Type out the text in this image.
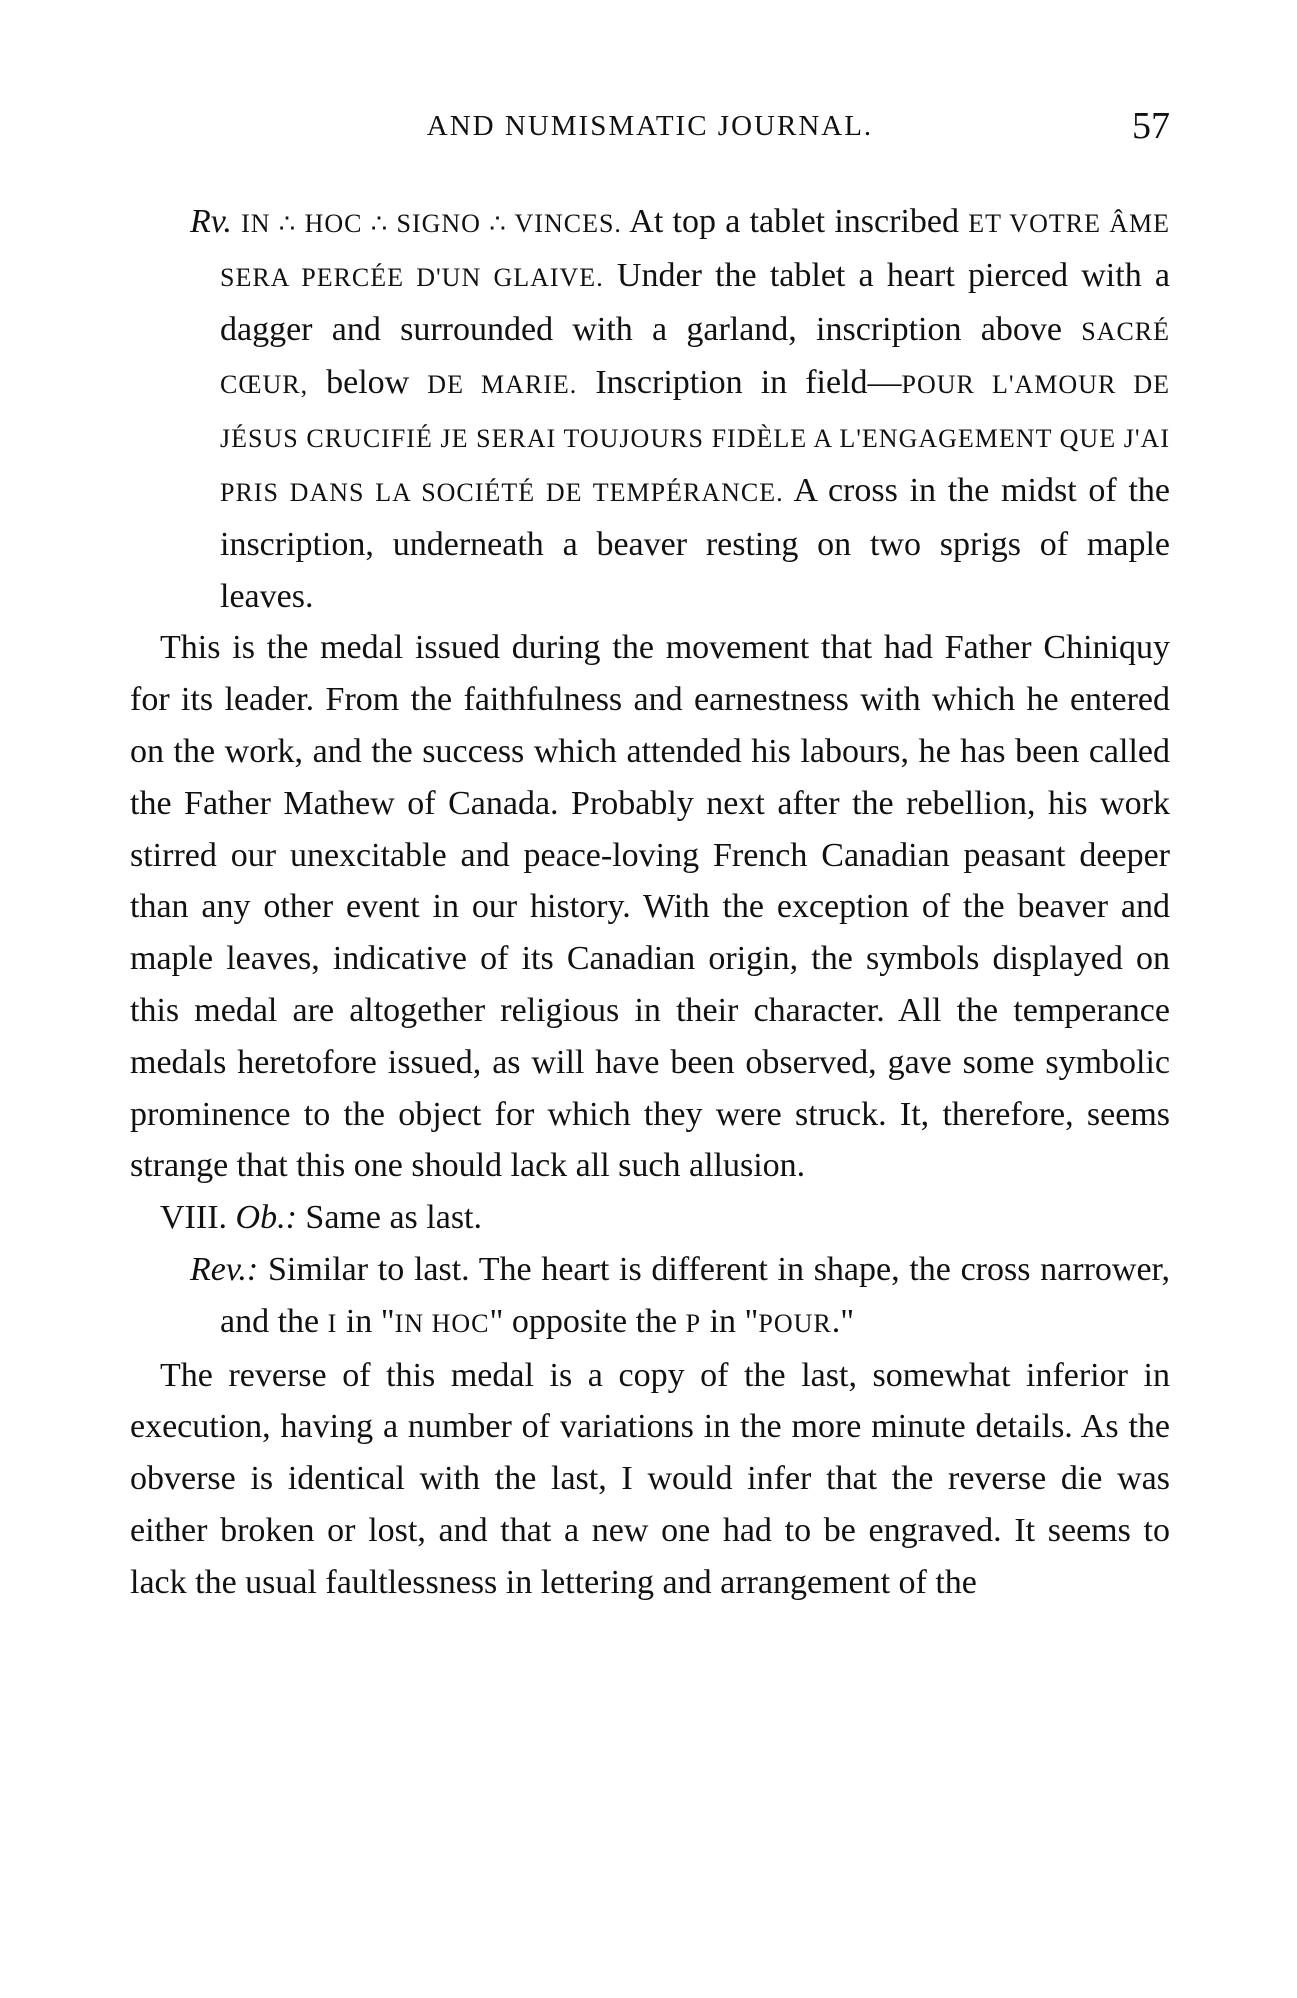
AND NUMISMATIC JOURNAL.	57

Rv. IN ∴ HOC ∴ SIGNO ∴ VINCES. At top a tablet inscribed ET VOTRE ÂME SERA PERCÉE D'UN GLAIVE. Under the tablet a heart pierced with a dagger and surrounded with a garland, inscription above SACRÉ CŒUR, below DE MARIE. Inscription in field—POUR L'AMOUR DE JÉSUS CRUCIFIÉ JE SERAI TOUJOURS FIDÈLE A L'ENGAGEMENT QUE J'AI PRIS DANS LA SOCIÉTÉ DE TEMPÉRANCE. A cross in the midst of the inscription, underneath a beaver resting on two sprigs of maple leaves.

This is the medal issued during the movement that had Father Chiniquy for its leader. From the faithfulness and earnestness with which he entered on the work, and the success which attended his labours, he has been called the Father Mathew of Canada. Probably next after the rebellion, his work stirred our unexcitable and peace-loving French Canadian peasant deeper than any other event in our history. With the exception of the beaver and maple leaves, indicative of its Canadian origin, the symbols displayed on this medal are altogether religious in their character. All the temperance medals heretofore issued, as will have been observed, gave some symbolic prominence to the object for which they were struck. It, therefore, seems strange that this one should lack all such allusion.

VIII. Ob.: Same as last.

Rev.: Similar to last. The heart is different in shape, the cross narrower, and the I in "IN HOC" opposite the P in "POUR."

The reverse of this medal is a copy of the last, somewhat inferior in execution, having a number of variations in the more minute details. As the obverse is identical with the last, I would infer that the reverse die was either broken or lost, and that a new one had to be engraved. It seems to lack the usual faultlessness in lettering and arrangement of the
